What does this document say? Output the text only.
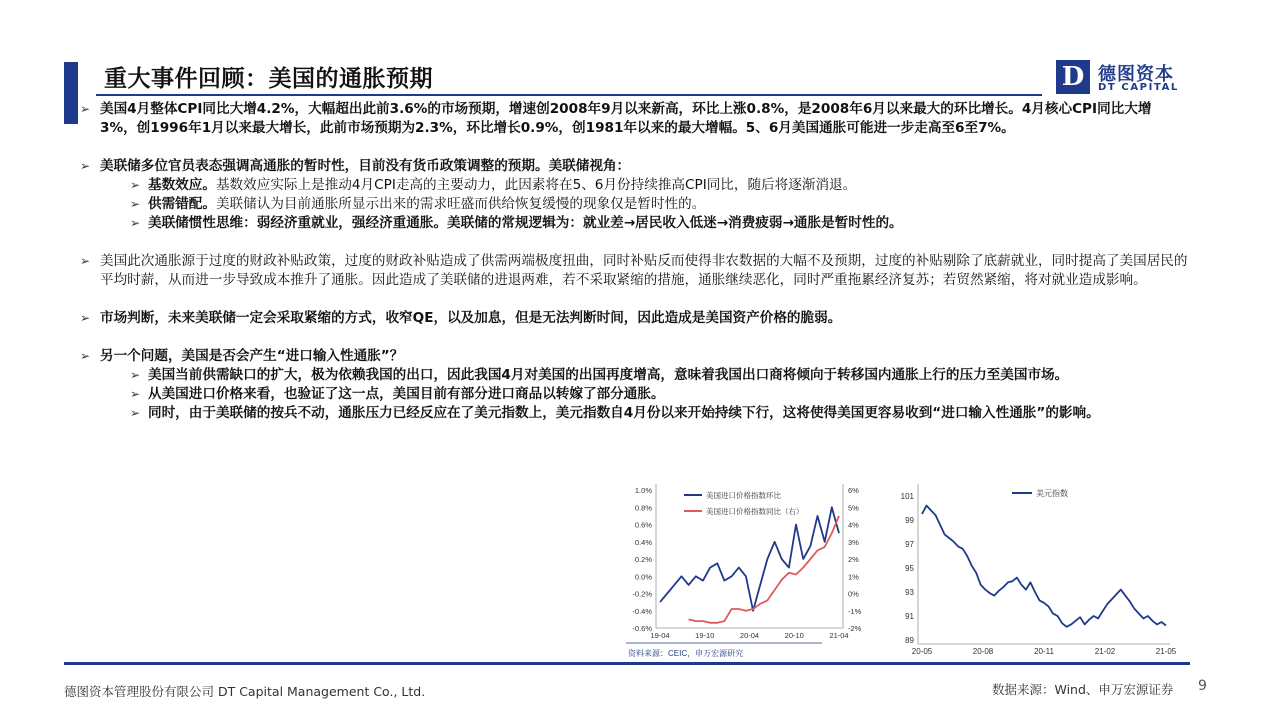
重大事件回顾：美国的通胀预期	D 德图资本
DT CAPITAL

➢ 美国4月整体CPI同比大增4.2%，大幅超出此前3.6%的市场预期，增速创2008年9月以来新高，环比上涨0.8%，是2008年6月以来最大的环比增长。4月核心CPI同比大增3%，创1996年1月以来最大增长，此前市场预期为2.3%，环比增长0.9%，创1981年以来的最大增幅。5、6月美国通胀可能进一步走高至6至7%。

➢ 美联储多位官员表态强调高通胀的暂时性，目前没有货币政策调整的预期。美联储视角：

➢ 基数效应。基数效应实际上是推动4月CPI走高的主要动力，此因素将在5、6月份持续推高CPI同比，随后将逐渐消退。

➢ 供需错配。美联储认为目前通胀所显示出来的需求旺盛而供给恢复缓慢的现象仅是暂时性的。

➢ 美联储惯性思维：弱经济重就业，强经济重通胀。美联储的常规逻辑为：就业差→居民收入低迷→消费疲弱→通胀是暂时性的。

➢ 美国此次通胀源于过度的财政补贴政策，过度的财政补贴造成了供需两端极度扭曲，同时补贴反而使得非农数据的大幅不及预期，过度的补贴剔除了底薪就业，同时提高了美国居民的平均时薪，从而进一步导致成本推升了通胀。因此造成了美联储的进退两难，若不采取紧缩的措施，通胀继续恶化，同时严重拖累经济复苏；若贸然紧缩，将对就业造成影响。

➢ 市场判断，未来美联储一定会采取紧缩的方式，收窄QE，以及加息，但是无法判断时间，因此造成是美国资产价格的脆弱。

➢ 另一个问题，美国是否会产生“进口输入性通胀”？

➢ 美国当前供需缺口的扩大，极为依赖我国的出口，因此我国4月对美国的出国再度增高，意味着我国出口商将倾向于转移国内通胀上行的压力至美国市场。

➢ 从美国进口价格来看，也验证了这一点，美国目前有部分进口商品以转嫁了部分通胀。

➢ 同时，由于美联储的按兵不动，通胀压力已经反应在了美元指数上，美元指数自4月份以来开始持续下行，这将使得美国更容易收到“进口输入性通胀”的影响。

1.0%
0.8%
0.6%
0.4%
0.2%
0.0%
-0.2%
-0.4%
-0.6%
6%
5%
4%
3%
2%
1%
0%
-1%
-2%
19-04	19-10	20-04	20-10	21-04
美国进口价格指数环比
美国进口价格指数同比（右）
资料来源：CEIC，申万宏源研究
101
99
97
95
93
91
89
20-05	20-08	20-11	21-02	21-05
美元指数
德图资本管理股份有限公司 DT Capital Management Co., Ltd.	数据来源：Wind、申万宏源证券 9
